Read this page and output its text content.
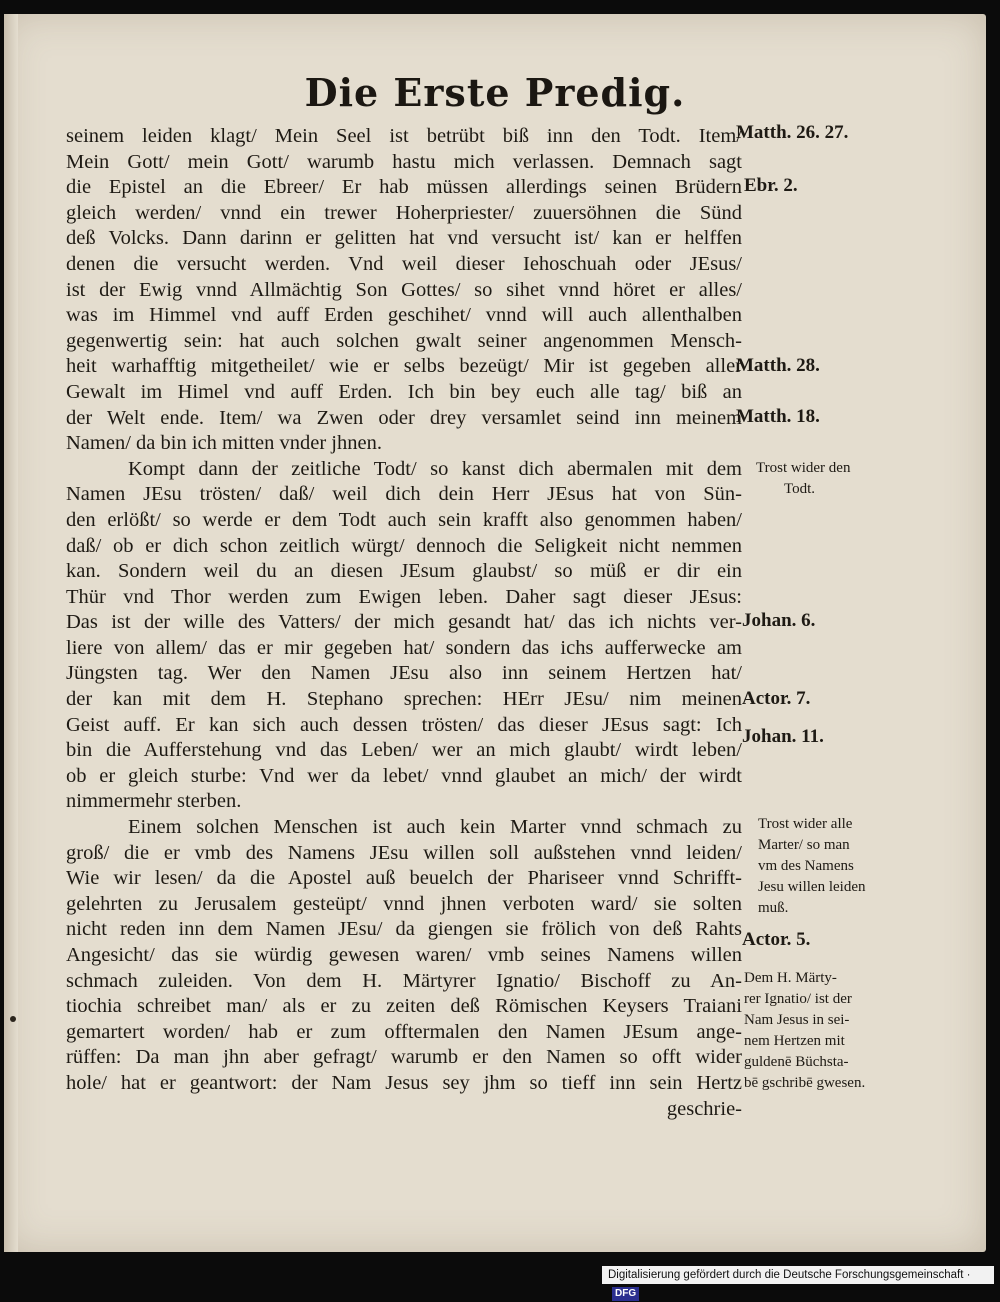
Die Erste Predig.
seinem leiden klagt/ Mein Seel ist betrübt biß inn den Todt. Item/
Mein Gott/ mein Gott/ warumb hastu mich verlassen. Demnach sagt
die Epistel an die Ebreer/ Er hab müssen allerdings seinen Brüdern
gleich werden/ vnnd ein trewer Hoherpriester/ zuuersöhnen die Sünd
deß Volcks. Dann darinn er gelitten hat vnd versucht ist/ kan er helffen
denen die versucht werden. Vnd weil dieser Iehoschuah oder JEsus/
ist der Ewig vnnd Allmächtig Son Gottes/ so sihet vnnd höret er alles/
was im Himmel vnd auff Erden geschihet/ vnnd will auch allenthalben
gegenwertig sein: hat auch solchen gwalt seiner angenommen Mensch-
heit warhafftig mitgetheilet/ wie er selbs bezeügt/ Mir ist gegeben aller
Gewalt im Himel vnd auff Erden. Ich bin bey euch alle tag/ biß an
der Welt ende. Item/ wa Zwen oder drey versamlet seind inn meinem
Namen/ da bin ich mitten vnder jhnen.
Kompt dann der zeitliche Todt/ so kanst dich abermalen mit dem
Namen JEsu trösten/ daß/ weil dich dein Herr JEsus hat von Sün-
den erlößt/ so werde er dem Todt auch sein krafft also genommen haben/
daß/ ob er dich schon zeitlich würgt/ dennoch die Seligkeit nicht nemmen
kan. Sondern weil du an diesen JEsum glaubst/ so müß er dir ein
Thür vnd Thor werden zum Ewigen leben. Daher sagt dieser JEsus:
Das ist der wille des Vatters/ der mich gesandt hat/ das ich nichts ver-
liere von allem/ das er mir gegeben hat/ sondern das ichs aufferwecke am
Jüngsten tag. Wer den Namen JEsu also inn seinem Hertzen hat/
der kan mit dem H. Stephano sprechen: HErr JEsu/ nim meinen
Geist auff. Er kan sich auch dessen trösten/ das dieser JEsus sagt: Ich
bin die Aufferstehung vnd das Leben/ wer an mich glaubt/ wirdt leben/
ob er gleich sturbe: Vnd wer da lebet/ vnnd glaubet an mich/ der wirdt
nimmermehr sterben.
Einem solchen Menschen ist auch kein Marter vnnd schmach zu
groß/ die er vmb des Namens JEsu willen soll außstehen vnnd leiden/
Wie wir lesen/ da die Apostel auß beuelch der Phariseer vnnd Schrifft-
gelehrten zu Jerusalem gesteüpt/ vnnd jhnen verboten ward/ sie solten
nicht reden inn dem Namen JEsu/ da giengen sie frölich von deß Rahts
Angesicht/ das sie würdig gewesen waren/ vmb seines Namens willen
schmach zuleiden. Von dem H. Märtyrer Ignatio/ Bischoff zu An-
tiochia schreibet man/ als er zu zeiten deß Römischen Keysers Traiani
gemartert worden/ hab er zum offtermalen den Namen JEsum ange-
rüffen: Da man jhn aber gefragt/ warumb er den Namen so offt wider
hole/ hat er geantwort: der Nam Jesus sey jhm so tieff inn sein Hertz
geschrie-
Matth. 26. 27.
Ebr. 2.
Matth. 28.
Matth. 18.
Johan. 6.
Actor. 7.
Johan. 11.
Actor. 5.
Trost wider den
Todt.
Trost wider alle
Marter/ so man
vm des Namens
Jesu willen leiden
muß.
Dem H. Märty-
rer Ignatio/ ist der
Nam Jesus in sei-
nem Hertzen mit
guldenē Büchsta-
bē gschribē gwesen.
Digitalisierung gefördert durch die Deutsche Forschungsgemeinschaft · DFG
